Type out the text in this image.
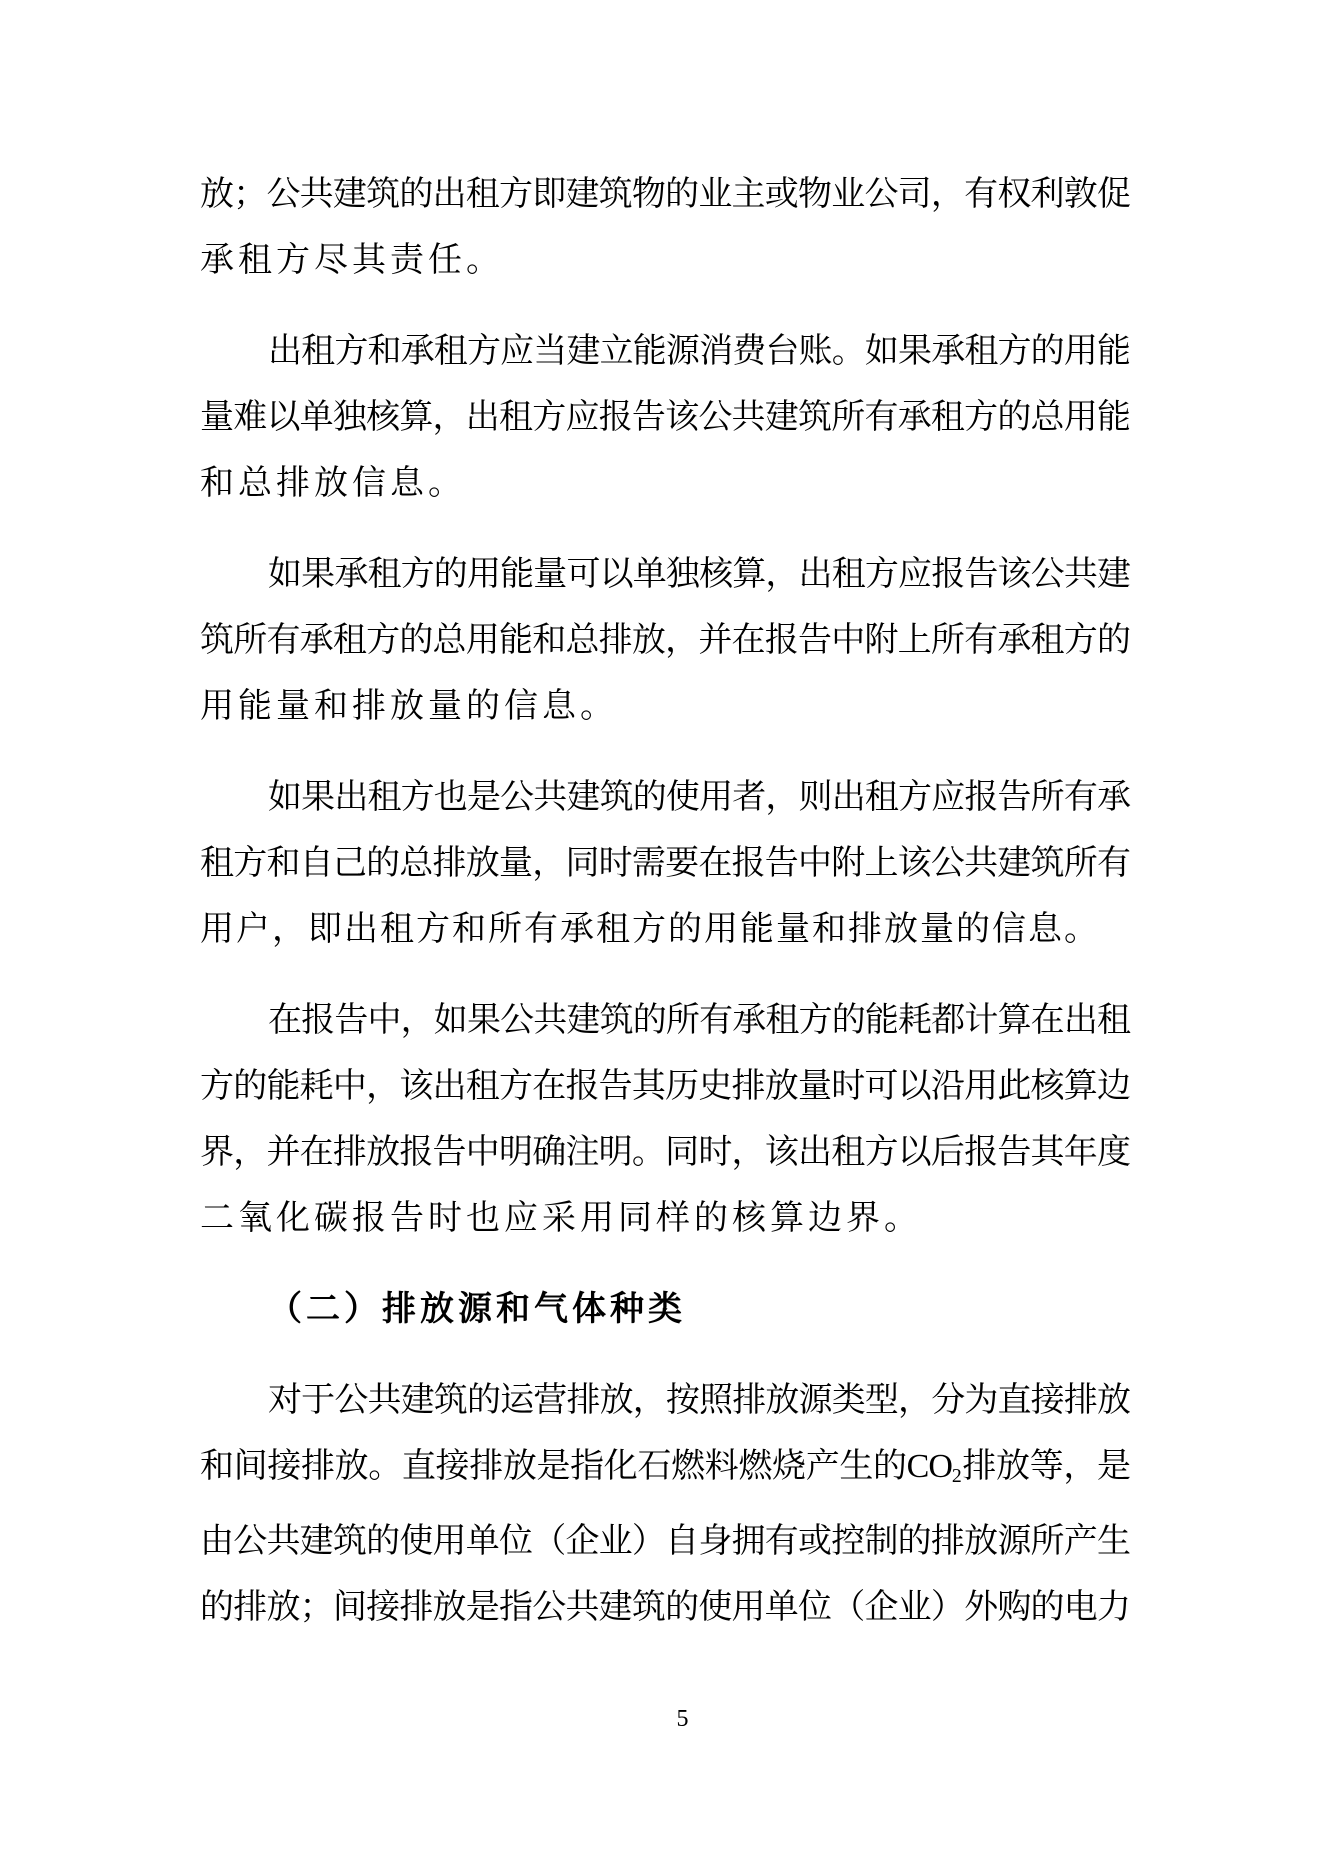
放；公共建筑的出租方即建筑物的业主或物业公司，有权利敦促
承租方尽其责任。
出租方和承租方应当建立能源消费台账。如果承租方的用能
量难以单独核算，出租方应报告该公共建筑所有承租方的总用能
和总排放信息。
如果承租方的用能量可以单独核算，出租方应报告该公共建
筑所有承租方的总用能和总排放，并在报告中附上所有承租方的
用能量和排放量的信息。
如果出租方也是公共建筑的使用者，则出租方应报告所有承
租方和自己的总排放量，同时需要在报告中附上该公共建筑所有
用户，即出租方和所有承租方的用能量和排放量的信息。
在报告中，如果公共建筑的所有承租方的能耗都计算在出租
方的能耗中，该出租方在报告其历史排放量时可以沿用此核算边
界，并在排放报告中明确注明。同时，该出租方以后报告其年度
二氧化碳报告时也应采用同样的核算边界。
（二）排放源和气体种类
对于公共建筑的运营排放，按照排放源类型，分为直接排放
和间接排放。直接排放是指化石燃料燃烧产生的$CO_2$排放等，是
由公共建筑的使用单位（企业）自身拥有或控制的排放源所产生
的排放；间接排放是指公共建筑的使用单位（企业）外购的电力
5
